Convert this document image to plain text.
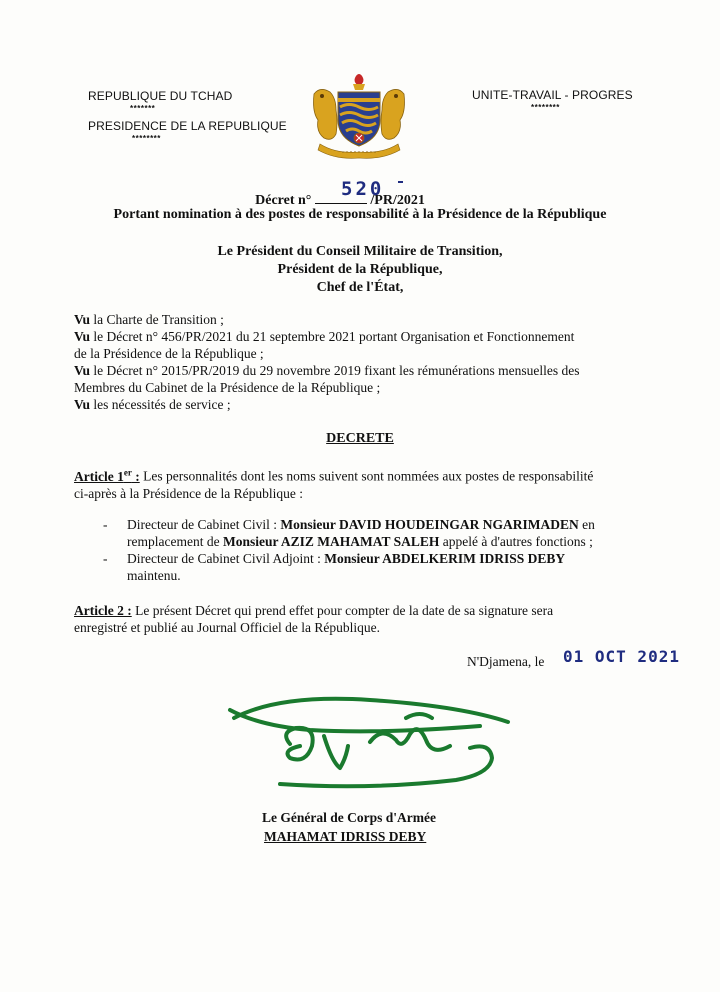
REPUBLIQUE DU TCHAD
*******
PRESIDENCE DE LA REPUBLIQUE
********
UNITE-TRAVAIL - PROGRES
********
Décret n°	/PR/2021
520
Portant nomination à des postes de responsabilité à la Présidence de la République
Le Président du Conseil Militaire de Transition,
Président de la République,
Chef de l'État,
Vu la Charte de Transition ;
Vu le Décret n° 456/PR/2021 du 21 septembre 2021 portant Organisation et Fonctionnement
de la Présidence de la République ;
Vu le Décret n° 2015/PR/2019 du 29 novembre 2019 fixant les rémunérations mensuelles des
Membres du Cabinet de la Présidence de la République ;
Vu les nécessités de service ;
DECRETE
Article 1er : Les personnalités dont les noms suivent sont nommées aux postes de responsabilité
ci-après à la Présidence de la République :
- Directeur de Cabinet Civil : Monsieur DAVID HOUDEINGAR NGARIMADEN en
remplacement de Monsieur AZIZ MAHAMAT SALEH appelé à d'autres fonctions ;
- Directeur de Cabinet Civil Adjoint : Monsieur ABDELKERIM IDRISS DEBY
maintenu.
Article 2 : Le présent Décret qui prend effet pour compter de la date de sa signature sera
enregistré et publié au Journal Officiel de la République.
N'Djamena, le 01 OCT 2021
Le Général de Corps d'Armée
MAHAMAT IDRISS DEBY
